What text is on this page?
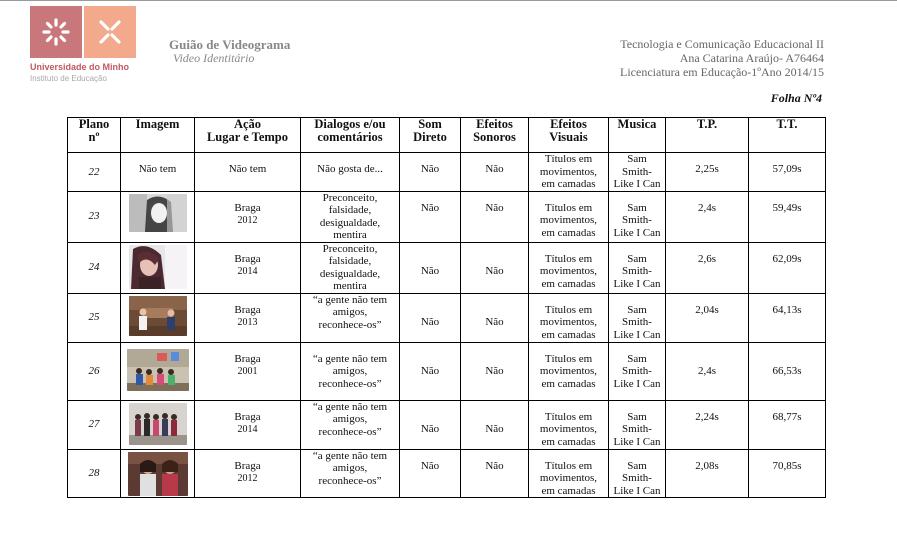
Universidade do Minho
Instituto de Educação
Guião de Videograma
Video Identitário
Tecnologia e Comunicação Educacional II
Ana Catarina Araújo- A76464
Licenciatura em Educação-1ºAno 2014/15
Folha Nº4
Plano
nº	Imagem	Ação
Lugar e Tempo	Dialogos e/ou
comentários	Som
Direto	Efeitos
Sonoros	Efeitos
Visuais	Musica	T.P.	T.T.
22	Não tem	Não tem	Não gosta de...	Não	Não	Títulos em
movimentos,
em camadas	Sam
Smith-
Like I Can	2,25s	57,09s
23		Braga
2012	Preconceito,
falsidade,
desigualdade,
mentira	Não	Não	Títulos em
movimentos,
em camadas	Sam
Smith-
Like I Can	2,4s	59,49s
24		Braga
2014	Preconceito,
falsidade,
desigualdade,
mentira	Não	Não	Títulos em
movimentos,
em camadas	Sam
Smith-
Like I Can	2,6s	62,09s
25		Braga
2013	“a gente não tem
amigos,
reconhece-os”	Não	Não	Títulos em
movimentos,
em camadas	Sam
Smith-
Like I Can	2,04s	64,13s
26		Braga
2001	“a gente não tem
amigos,
reconhece-os”	Não	Não	Títulos em
movimentos,
em camadas	Sam
Smith-
Like I Can	2,4s	66,53s
27		Braga
2014	“a gente não tem
amigos,
reconhece-os”	Não	Não	Títulos em
movimentos,
em camadas	Sam
Smith-
Like I Can	2,24s	68,77s
28		Braga
2012	“a gente não tem
amigos,
reconhece-os”	Não	Não	Títulos em
movimentos,
em camadas	Sam
Smith-
Like I Can	2,08s	70,85s
